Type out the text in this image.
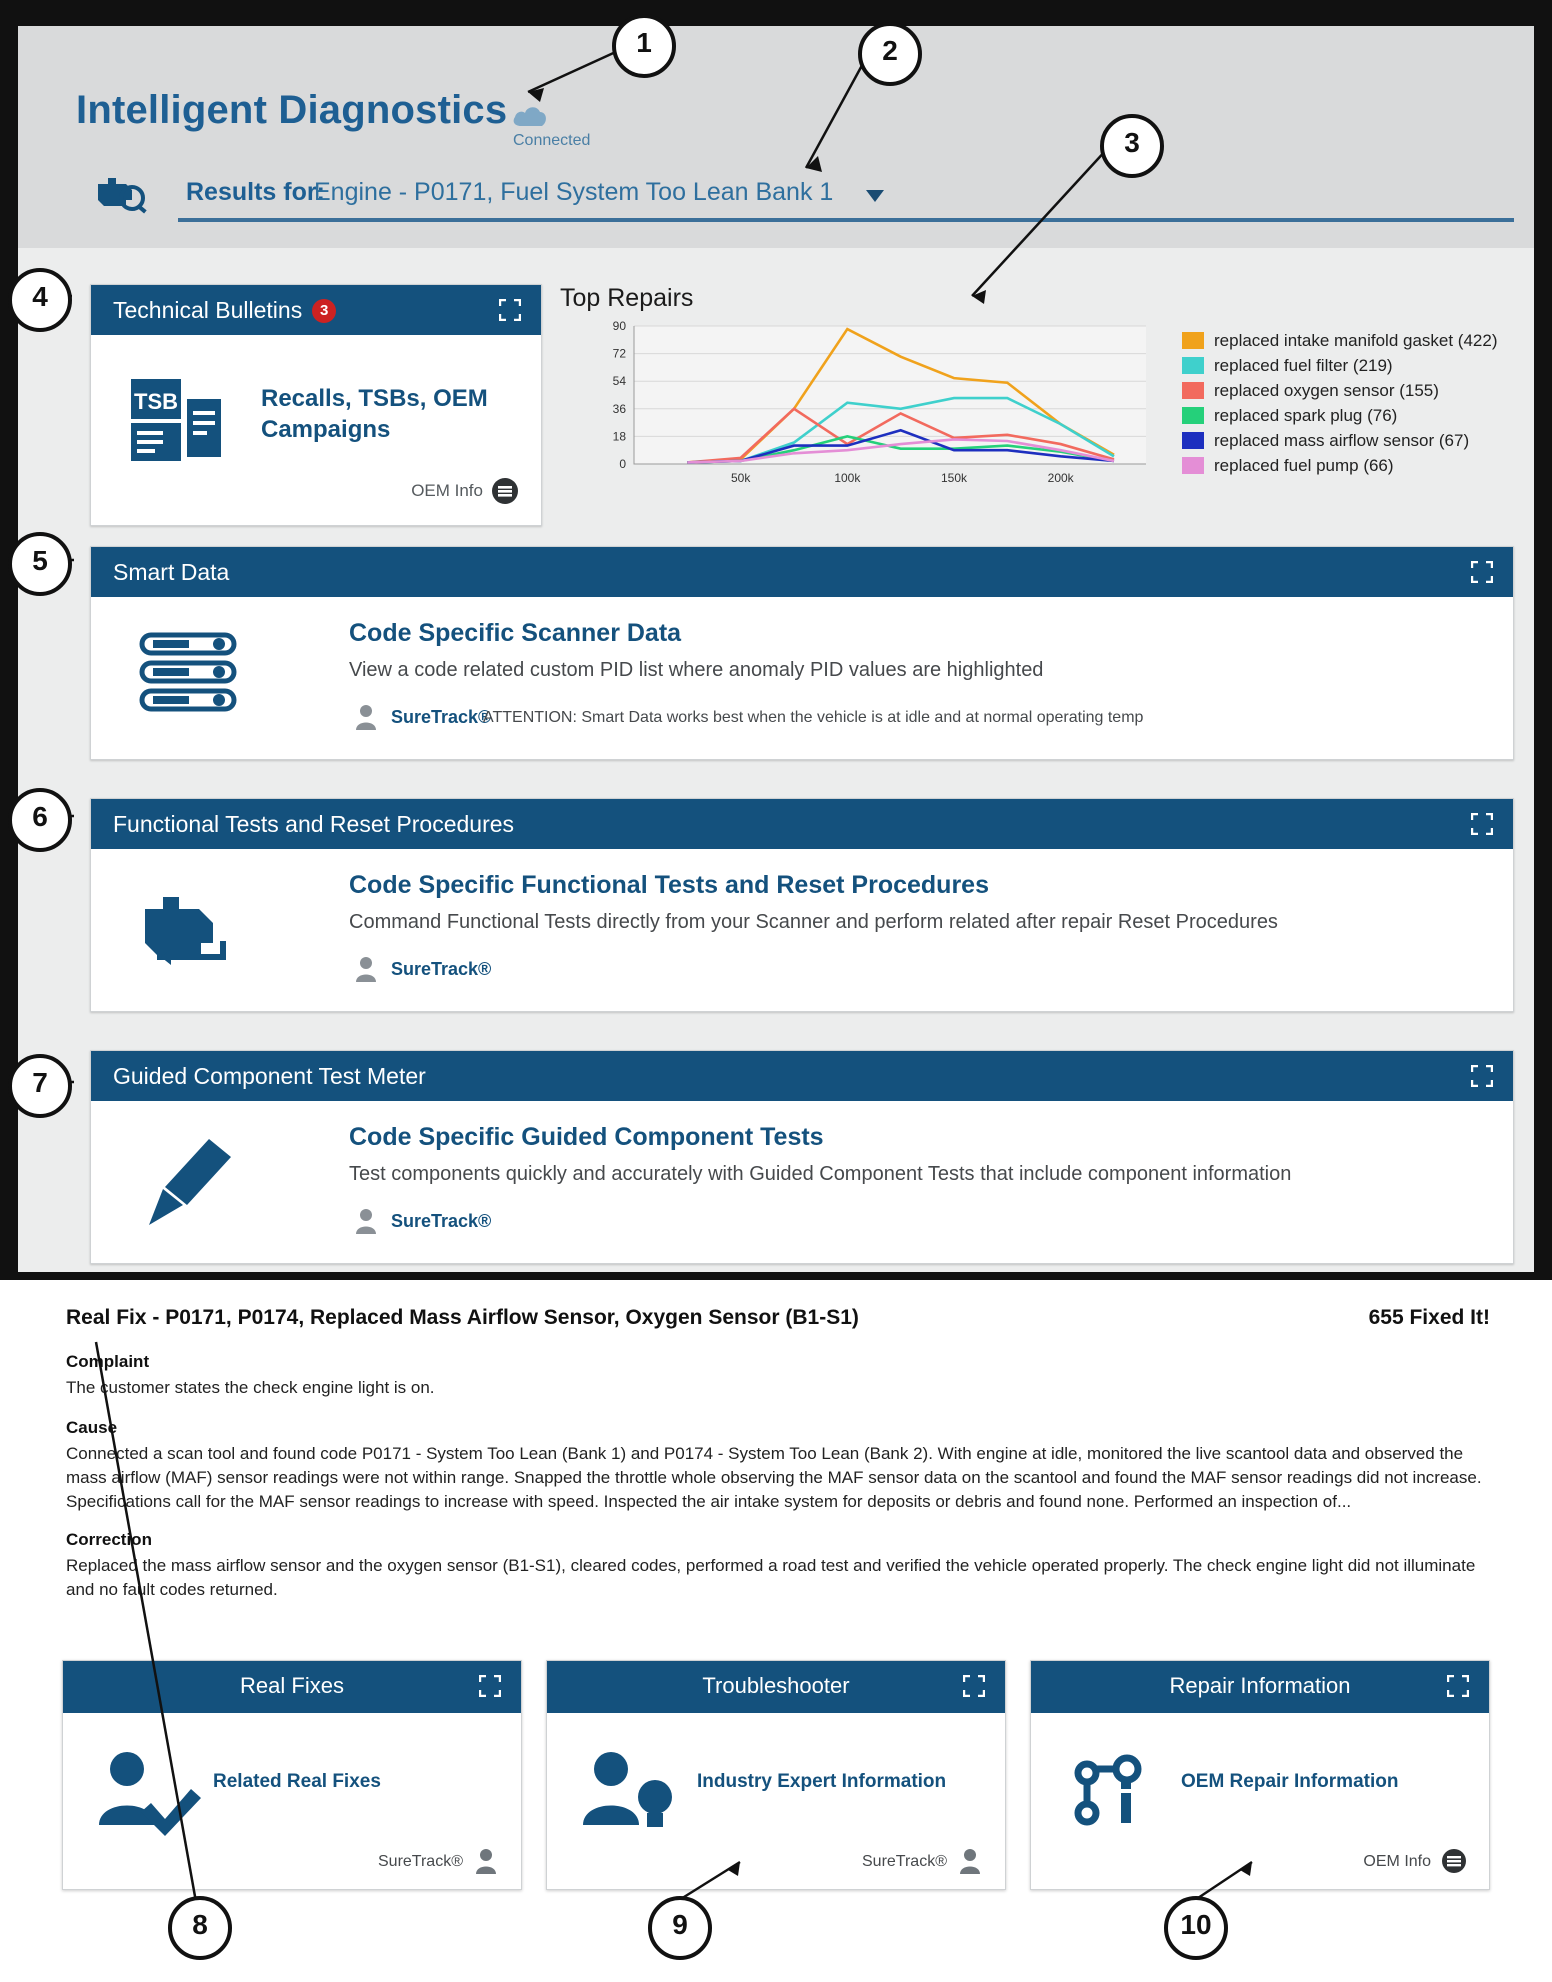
Intelligent Diagnostics
Connected
Results for:
Engine - P0171, Fuel System Too Lean Bank 1
Technical Bulletins 3
TSB	Recalls, TSBs, OEM Campaigns
OEM Info
Top Repairs
0
18
36
54
72
90
50k	100k	150k	200k
replaced intake manifold gasket (422)
replaced fuel filter (219)
replaced oxygen sensor (155)
replaced spark plug (76)
replaced mass airflow sensor (67)
replaced fuel pump (66)
Smart Data
Code Specific Scanner Data
View a code related custom PID list where anomaly PID values are highlighted
SureTrack®
ATTENTION: Smart Data works best when the vehicle is at idle and at normal operating temp
Functional Tests and Reset Procedures
Code Specific Functional Tests and Reset Procedures
Command Functional Tests directly from your Scanner and perform related after repair Reset Procedures
SureTrack®
Guided Component Test Meter
Code Specific Guided Component Tests
Test components quickly and accurately with Guided Component Tests that include component information
SureTrack®
Real Fix - P0171, P0174, Replaced Mass Airflow Sensor, Oxygen Sensor (B1-S1)	655 Fixed It!
Complaint
The customer states the check engine light is on.
Cause
Connected a scan tool and found code P0171 - System Too Lean (Bank 1) and P0174 - System Too Lean (Bank 2). With engine at idle, monitored the live scantool data and observed the mass airflow (MAF) sensor readings were not within range. Snapped the throttle whole observing the MAF sensor data on the scantool and found the MAF sensor readings did not increase. Specifications call for the MAF sensor readings to increase with speed. Inspected the air intake system for deposits or debris and found none. Performed an inspection of...
Correction
Replaced the mass airflow sensor and the oxygen sensor (B1-S1), cleared codes, performed a road test and verified the vehicle operated properly. The check engine light did not illuminate and no fault codes returned.
Real Fixes
Related Real Fixes
SureTrack®
Troubleshooter
Industry Expert Information
SureTrack®
Repair Information
OEM Repair Information
OEM Info
1	2
3
4
5
6
7
8	9	10
